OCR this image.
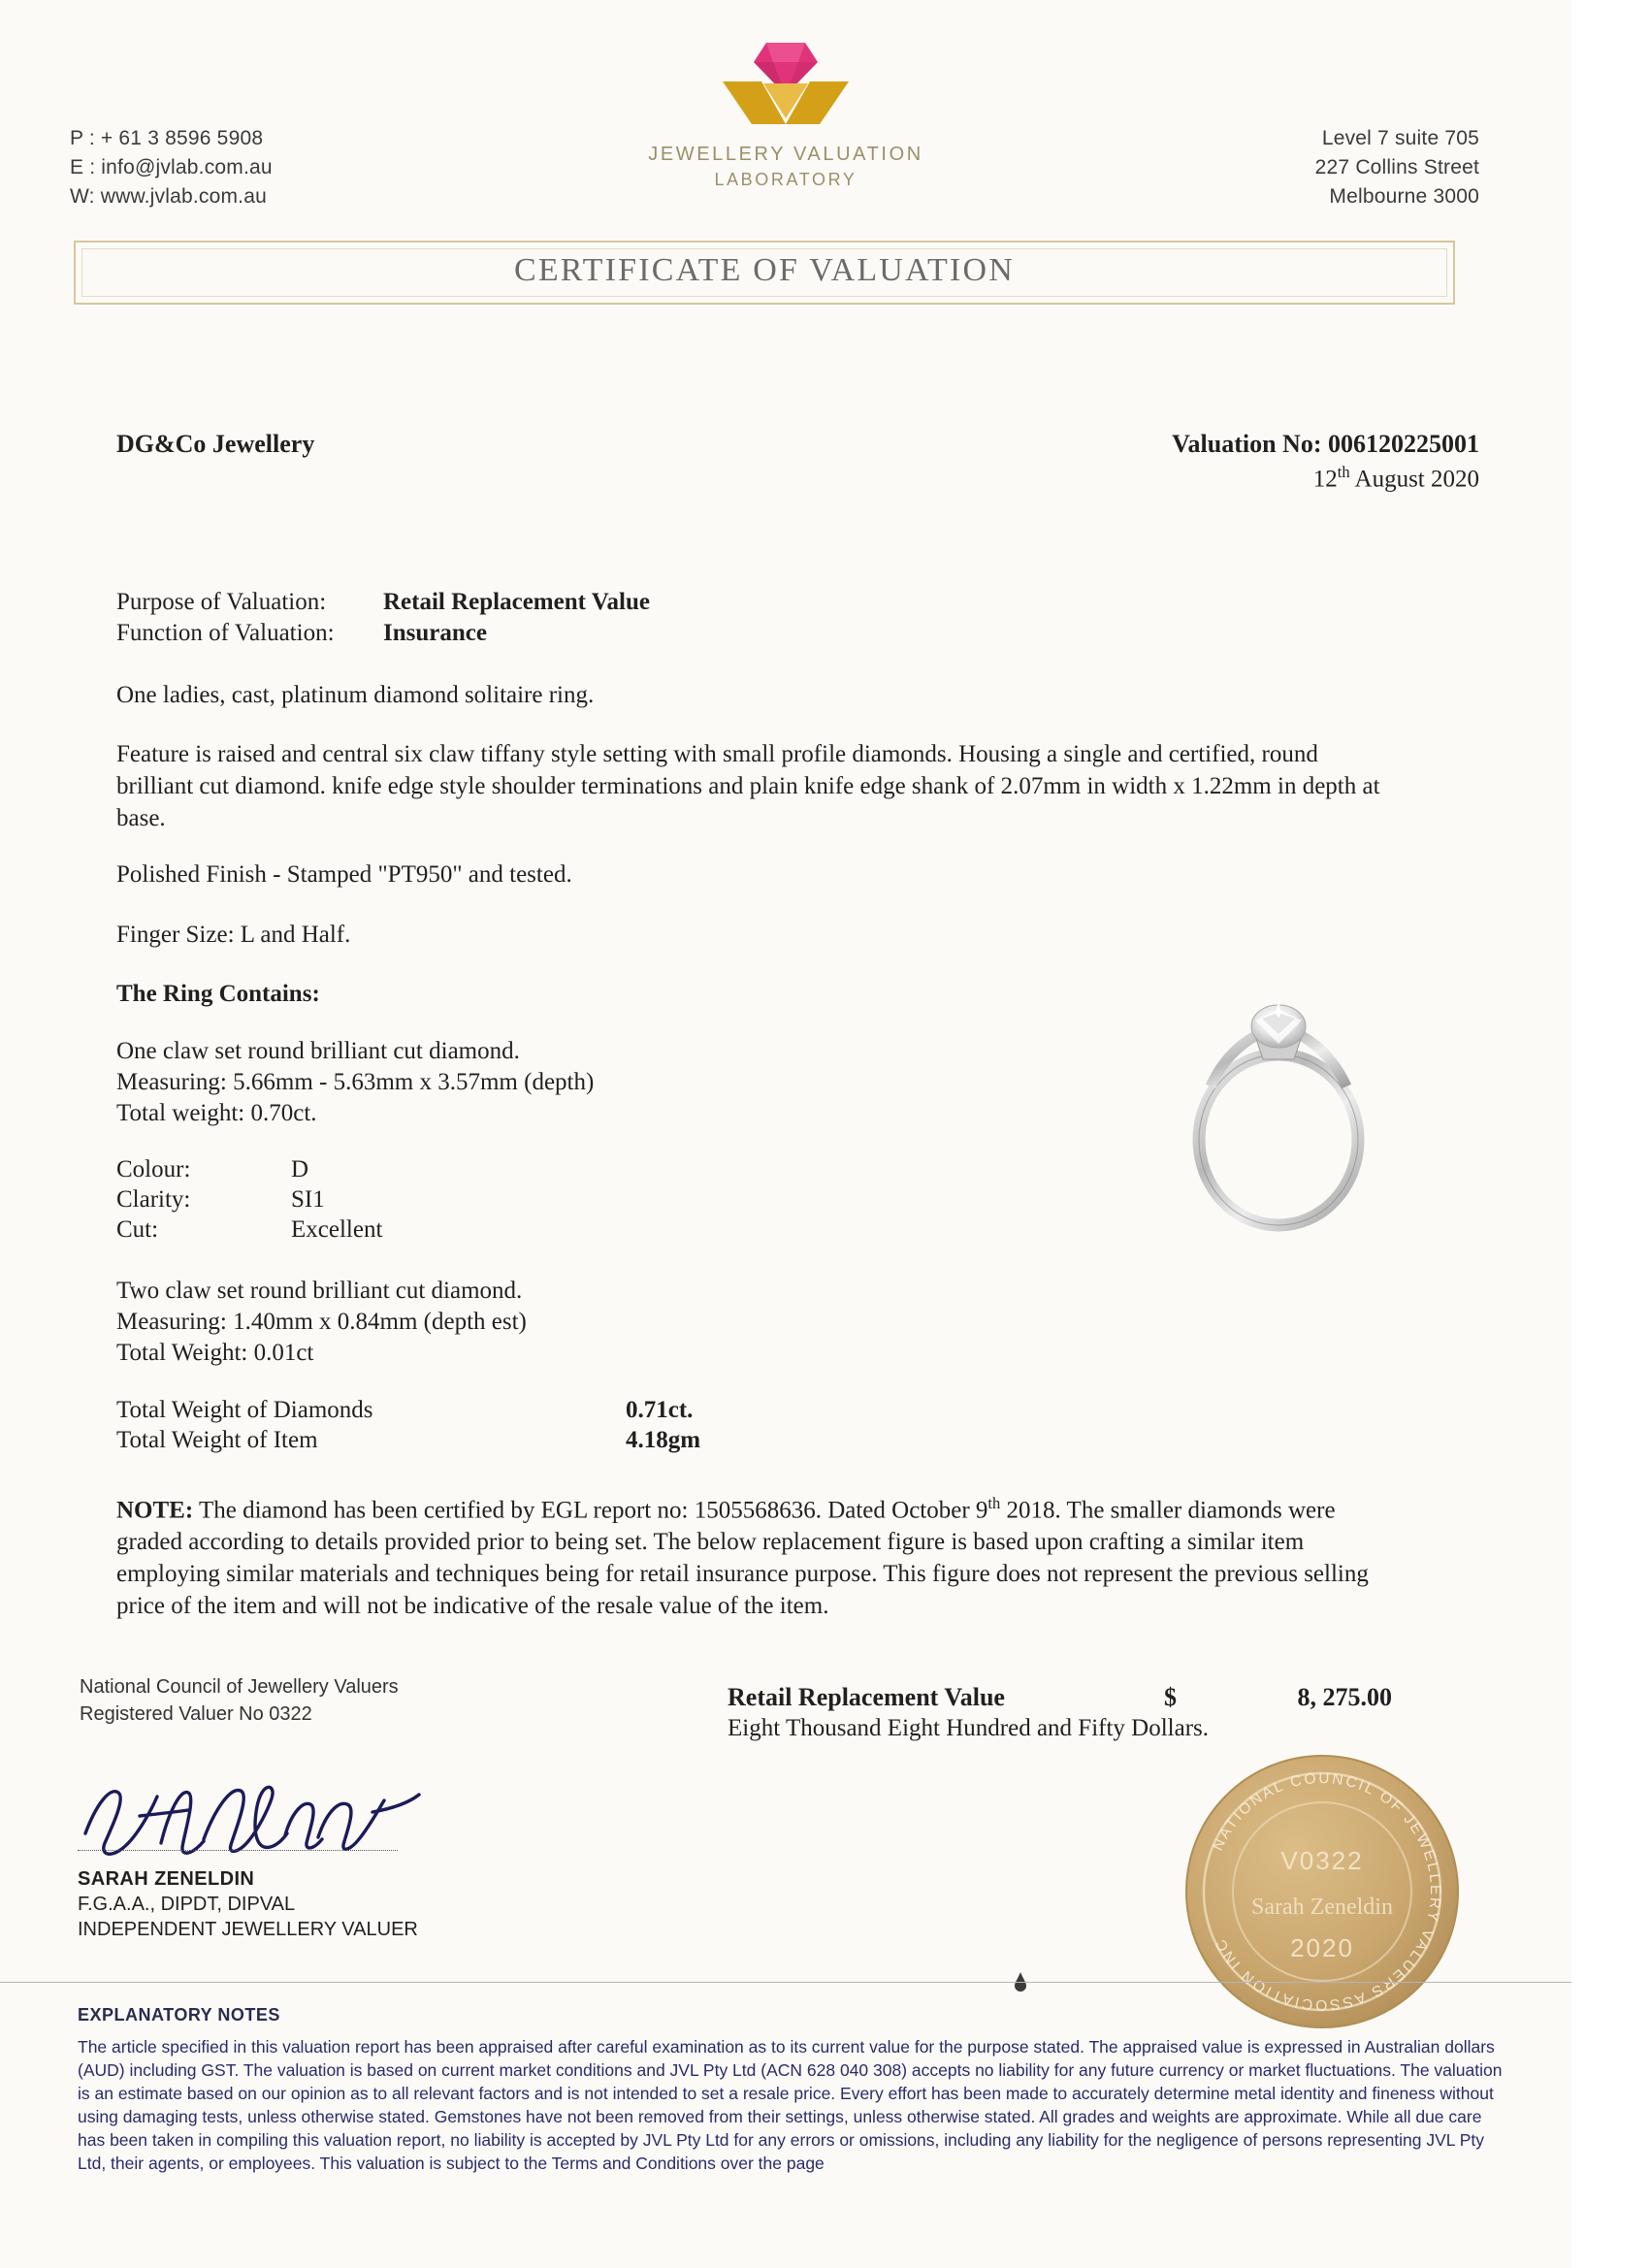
P : + 61 3 8596 5908
E : info@jvlab.com.au
W: www.jvlab.com.au
JEWELLERY VALUATION
LABORATORY
Level 7 suite 705
227 Collins Street
Melbourne 3000
CERTIFICATE OF VALUATION
DG&Co Jewellery	Valuation No: 006120225001
12th August 2020
Purpose of Valuation: Retail Replacement Value
Function of Valuation: Insurance
One ladies, cast, platinum diamond solitaire ring.
Feature is raised and central six claw tiffany style setting with small profile diamonds. Housing a single and certified, round brilliant cut diamond. knife edge style shoulder terminations and plain knife edge shank of 2.07mm in width x 1.22mm in depth at base.
Polished Finish - Stamped "PT950" and tested.
Finger Size: L and Half.
The Ring Contains:
One claw set round brilliant cut diamond.
Measuring: 5.66mm - 5.63mm x 3.57mm (depth)
Total weight: 0.70ct.
Colour:	D
Clarity:	SI1
Cut:	Excellent
Two claw set round brilliant cut diamond.
Measuring: 1.40mm x 0.84mm (depth est)
Total Weight: 0.01ct
Total Weight of Diamonds	0.71ct.
Total Weight of Item	4.18gm
NOTE: The diamond has been certified by EGL report no: 1505568636. Dated October 9th 2018. The smaller diamonds were graded according to details provided prior to being set. The below replacement figure is based upon crafting a similar item employing similar materials and techniques being for retail insurance purpose. This figure does not represent the previous selling price of the item and will not be indicative of the resale value of the item.
National Council of Jewellery Valuers
Registered Valuer No 0322
Retail Replacement Value	$	8, 275.00
Eight Thousand Eight Hundred and Fifty Dollars.
SARAH ZENELDIN
F.G.A.A., DIPDT, DIPVAL
INDEPENDENT JEWELLERY VALUER
NATIONAL COUNCIL OF JEWELLERY VALUERS ASSOCIATION INC
V0322
Sarah Zeneldin
2020
EXPLANATORY NOTES
The article specified in this valuation report has been appraised after careful examination as to its current value for the purpose stated. The appraised value is expressed in Australian dollars (AUD) including GST. The valuation is based on current market conditions and JVL Pty Ltd (ACN 628 040 308) accepts no liability for any future currency or market fluctuations. The valuation is an estimate based on our opinion as to all relevant factors and is not intended to set a resale price. Every effort has been made to accurately determine metal identity and fineness without using damaging tests, unless otherwise stated. Gemstones have not been removed from their settings, unless otherwise stated. All grades and weights are approximate. While all due care has been taken in compiling this valuation report, no liability is accepted by JVL Pty Ltd for any errors or omissions, including any liability for the negligence of persons representing JVL Pty Ltd, their agents, or employees. This valuation is subject to the Terms and Conditions over the page
